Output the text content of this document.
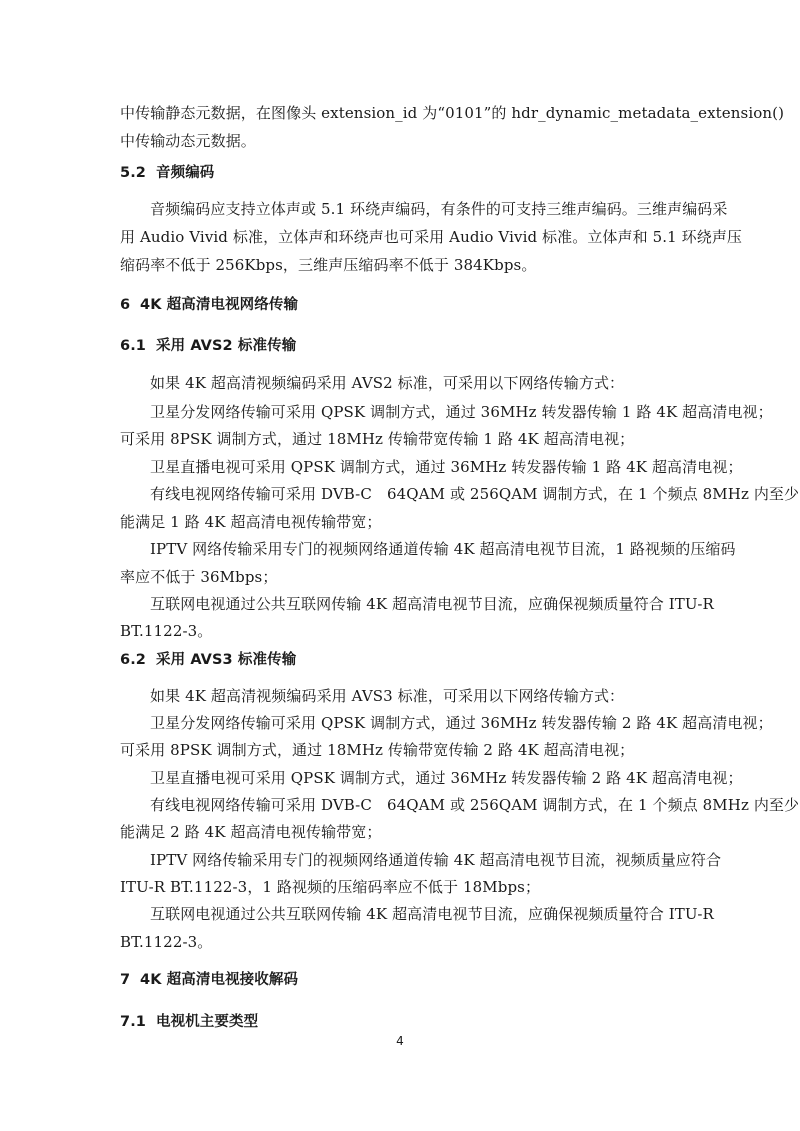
中传输静态元数据，在图像头 extension_id 为“0101”的 hdr_dynamic_metadata_extension()
中传输动态元数据。
5.2 音频编码
音频编码应支持立体声或 5.1 环绕声编码，有条件的可支持三维声编码。三维声编码采
用 Audio Vivid 标准，立体声和环绕声也可采用 Audio Vivid 标准。立体声和 5.1 环绕声压
缩码率不低于 256Kbps，三维声压缩码率不低于 384Kbps。
6 4K 超高清电视网络传输
6.1 采用 AVS2 标准传输
如果 4K 超高清视频编码采用 AVS2 标准，可采用以下网络传输方式：
卫星分发网络传输可采用 QPSK 调制方式，通过 36MHz 转发器传输 1 路 4K 超高清电视；
可采用 8PSK 调制方式，通过 18MHz 传输带宽传输 1 路 4K 超高清电视；
卫星直播电视可采用 QPSK 调制方式，通过 36MHz 转发器传输 1 路 4K 超高清电视；
有线电视网络传输可采用 DVB-C　64QAM 或 256QAM 调制方式，在 1 个频点 8MHz 内至少
能满足 1 路 4K 超高清电视传输带宽；
IPTV 网络传输采用专门的视频网络通道传输 4K 超高清电视节目流，1 路视频的压缩码
率应不低于 36Mbps；
互联网电视通过公共互联网传输 4K 超高清电视节目流，应确保视频质量符合 ITU-R
BT.1122-3。
6.2 采用 AVS3 标准传输
如果 4K 超高清视频编码采用 AVS3 标准，可采用以下网络传输方式：
卫星分发网络传输可采用 QPSK 调制方式，通过 36MHz 转发器传输 2 路 4K 超高清电视；
可采用 8PSK 调制方式，通过 18MHz 传输带宽传输 2 路 4K 超高清电视；
卫星直播电视可采用 QPSK 调制方式，通过 36MHz 转发器传输 2 路 4K 超高清电视；
有线电视网络传输可采用 DVB-C　64QAM 或 256QAM 调制方式，在 1 个频点 8MHz 内至少
能满足 2 路 4K 超高清电视传输带宽；
IPTV 网络传输采用专门的视频网络通道传输 4K 超高清电视节目流，视频质量应符合
ITU-R BT.1122-3，1 路视频的压缩码率应不低于 18Mbps；
互联网电视通过公共互联网传输 4K 超高清电视节目流，应确保视频质量符合 ITU-R
BT.1122-3。
7 4K 超高清电视接收解码
7.1 电视机主要类型
4
